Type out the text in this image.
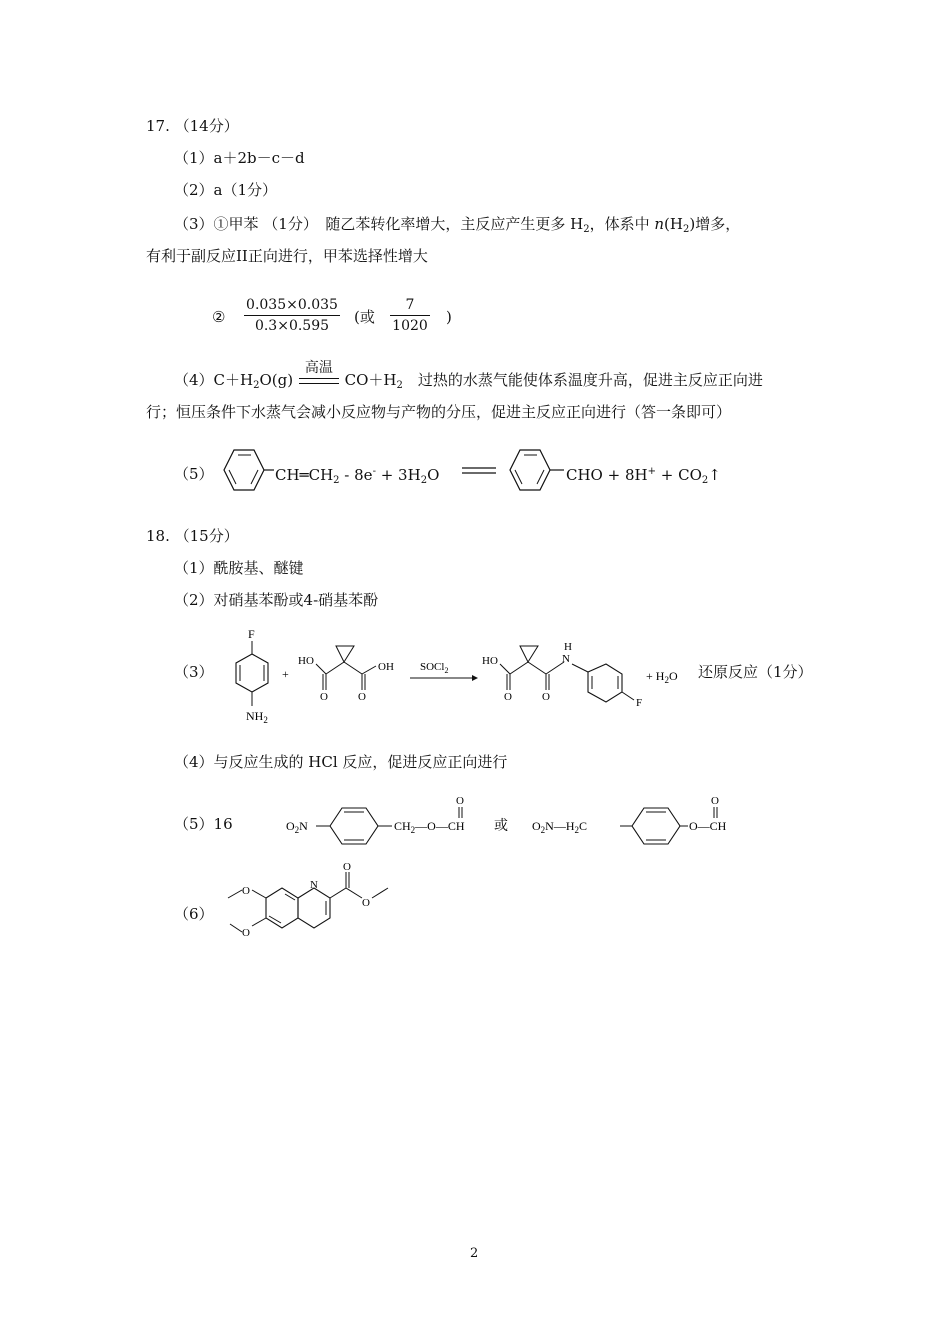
17. （14分）
（1）a＋2b－c－d
（2）a（1分）
（3）①甲苯 （1分）　随乙苯转化率增大，主反应产生更多 $H_2$，体系中 $n(H_2)$增多，
有利于副反应II正向进行，甲苯选择性增大
②
0.035×0.035
0.3×0.595	(或
7
1020 )
$(4)C+H_2O(g)$
高温
$CO+H_2$　过热的水蒸气能使体系温度升高，促进主反应正向进
行；恒压条件下水蒸气会减小反应物与产物的分压，促进主反应正向进行（答一条即可）
（5）	$CH═CH_2 - 8e^- + 3H_2O$	CHO + $8H^+ + CO_2↑$
18. （15分）
（1）酰胺基、醚键
（2）对硝基苯酚或4-硝基苯酚
（3）
F
$NH_2$
+
HO
O	O
OH SOCl$_2$
HO
O	O
H
N
F
+ $H_2O$ 还原反应（1分）
（4）与反应生成的 HCl 反应，促进反应正向进行
（5）16	$O_2N$	$CH_2—O—CH$
O
或 $O_2N—H_2C$	O—CH
O
（6）
O	N
O
O
O
2
